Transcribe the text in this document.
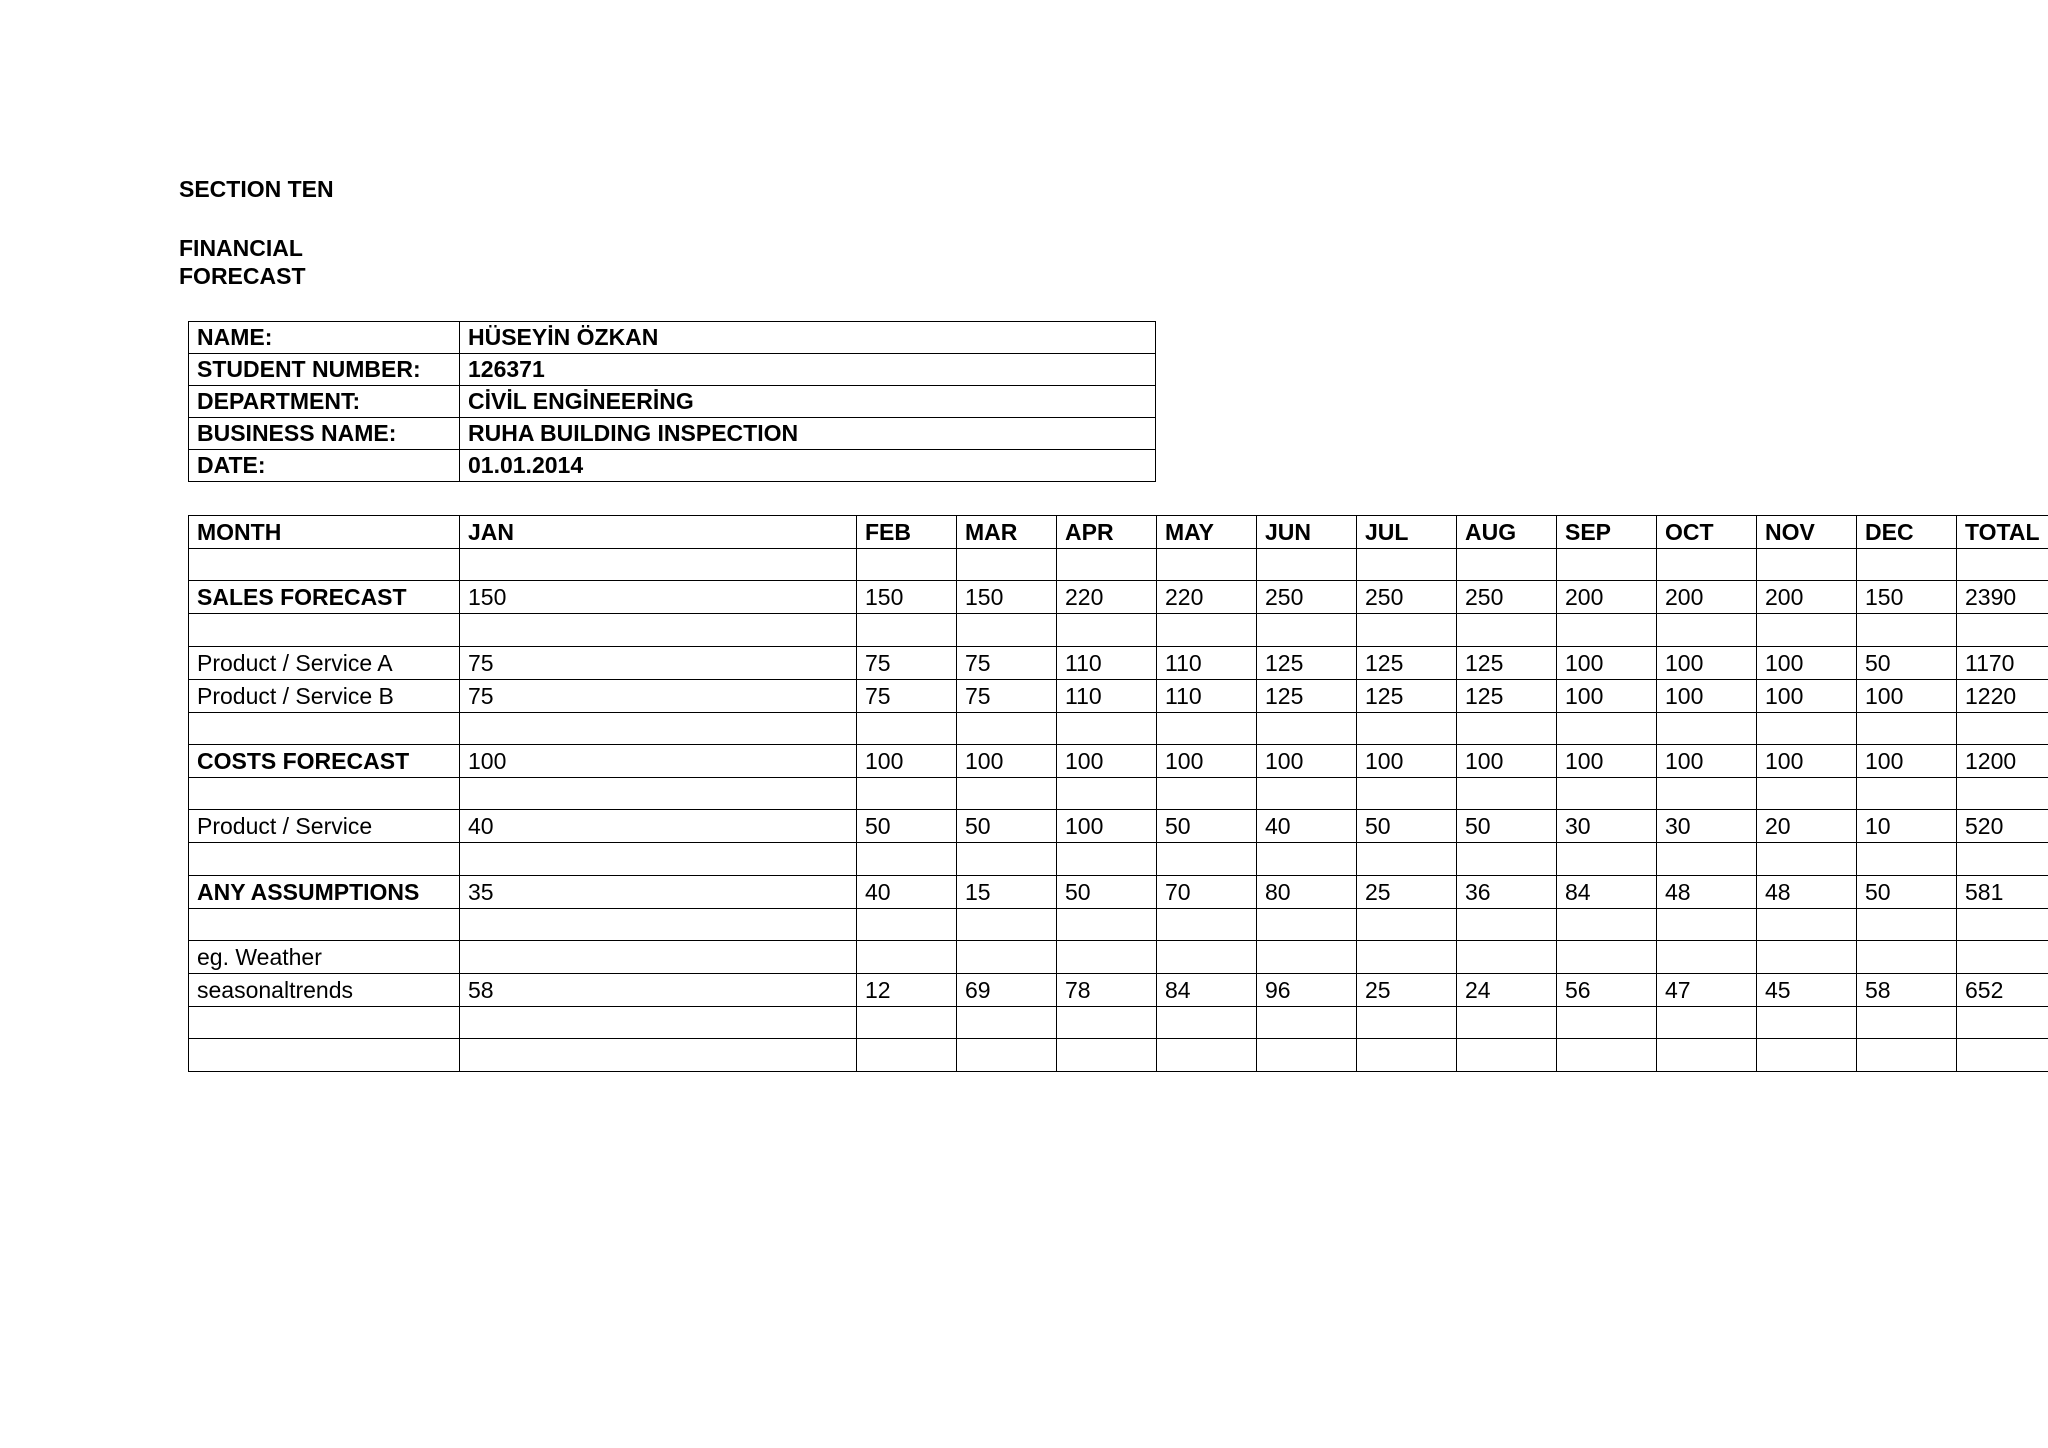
SECTION TEN

FINANCIAL

FORECAST

NAME:	HÜSEYİN ÖZKAN
STUDENT NUMBER:	126371
DEPARTMENT:	CİVİL ENGİNEERİNG
BUSINESS NAME:	RUHA BUILDING INSPECTION
DATE:	01.01.2014
MONTH	JAN	FEB	MAR	APR	MAY	JUN	JUL	AUG	SEP	OCT	NOV	DEC	TOTAL

SALES FORECAST	150	150	150	220	220	250	250	250	200	200	200	150	2390

Product / Service A	75	75	75	110	110	125	125	125	100	100	100	50	1170
Product / Service B	75	75	75	110	110	125	125	125	100	100	100	100	1220

COSTS FORECAST	100	100	100	100	100	100	100	100	100	100	100	100	1200

Product / Service	40	50	50	100	50	40	50	50	30	30	20	10	520

ANY ASSUMPTIONS	35	40	15	50	70	80	25	36	84	48	48	50	581

eg. Weather													
seasonaltrends	58	12	69	78	84	96	25	24	56	47	45	58	652
